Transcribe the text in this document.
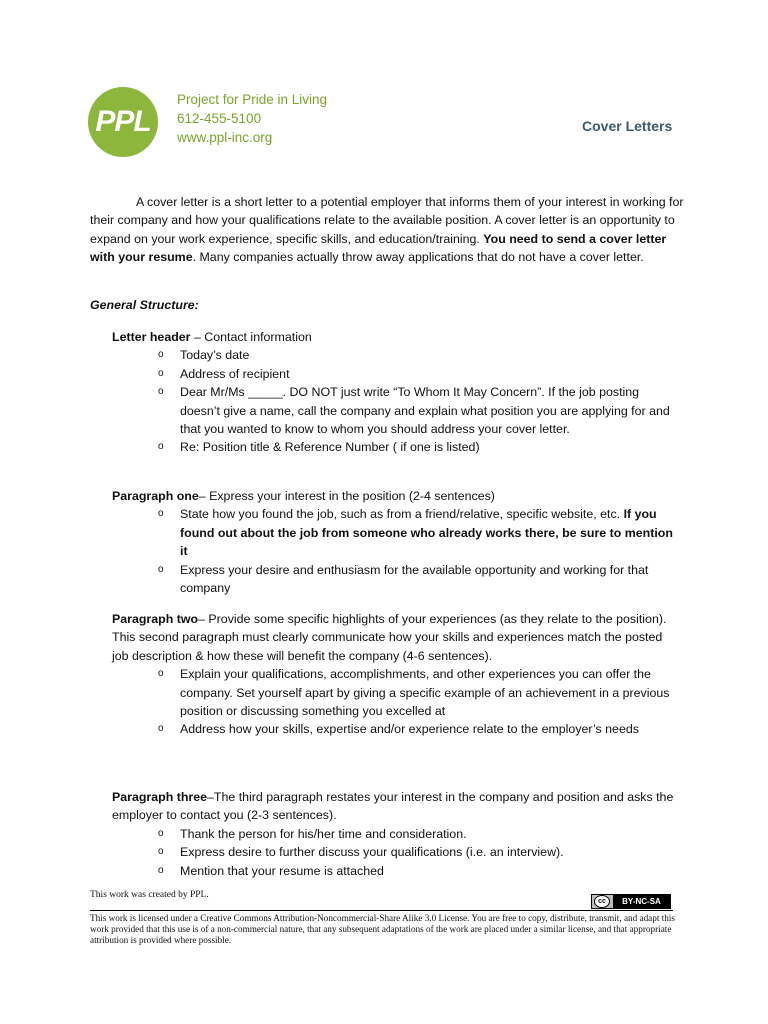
PPL
Project for Pride in Living
612-455-5100
www.ppl-inc.org
Cover Letters
A cover letter is a short letter to a potential employer that informs them of your interest in working for their company and how your qualifications relate to the available position. A cover letter is an opportunity to expand on your work experience, specific skills, and education/training. You need to send a cover letter with your resume. Many companies actually throw away applications that do not have a cover letter.
General Structure:
Letter header – Contact information
o Today’s date
o Address of recipient
o Dear Mr/Ms _____. DO NOT just write “To Whom It May Concern”. If the job posting doesn’t give a name, call the company and explain what position you are applying for and that you wanted to know to whom you should address your cover letter.
o Re: Position title & Reference Number ( if one is listed)
Paragraph one– Express your interest in the position (2-4 sentences)
o State how you found the job, such as from a friend/relative, specific website, etc. If you found out about the job from someone who already works there, be sure to mention it
o Express your desire and enthusiasm for the available opportunity and working for that company
Paragraph two– Provide some specific highlights of your experiences (as they relate to the position). This second paragraph must clearly communicate how your skills and experiences match the posted job description & how these will benefit the company (4-6 sentences).
o Explain your qualifications, accomplishments, and other experiences you can offer the company. Set yourself apart by giving a specific example of an achievement in a previous position or discussing something you excelled at
o Address how your skills, expertise and/or experience relate to the employer’s needs
Paragraph three–The third paragraph restates your interest in the company and position and asks the employer to contact you (2-3 sentences).
o Thank the person for his/her time and consideration.
o Express desire to further discuss your qualifications (i.e. an interview).
o Mention that your resume is attached
This work was created by PPL.
cc	BY-NC-SA
This work is licensed under a Creative Commons Attribution-Noncommercial-Share Alike 3.0 License. You are free to copy, distribute, transmit, and adapt this work provided that this use is of a non-commercial nature, that any subsequent adaptations of the work are placed under a similar license, and that appropriate attribution is provided where possible.
